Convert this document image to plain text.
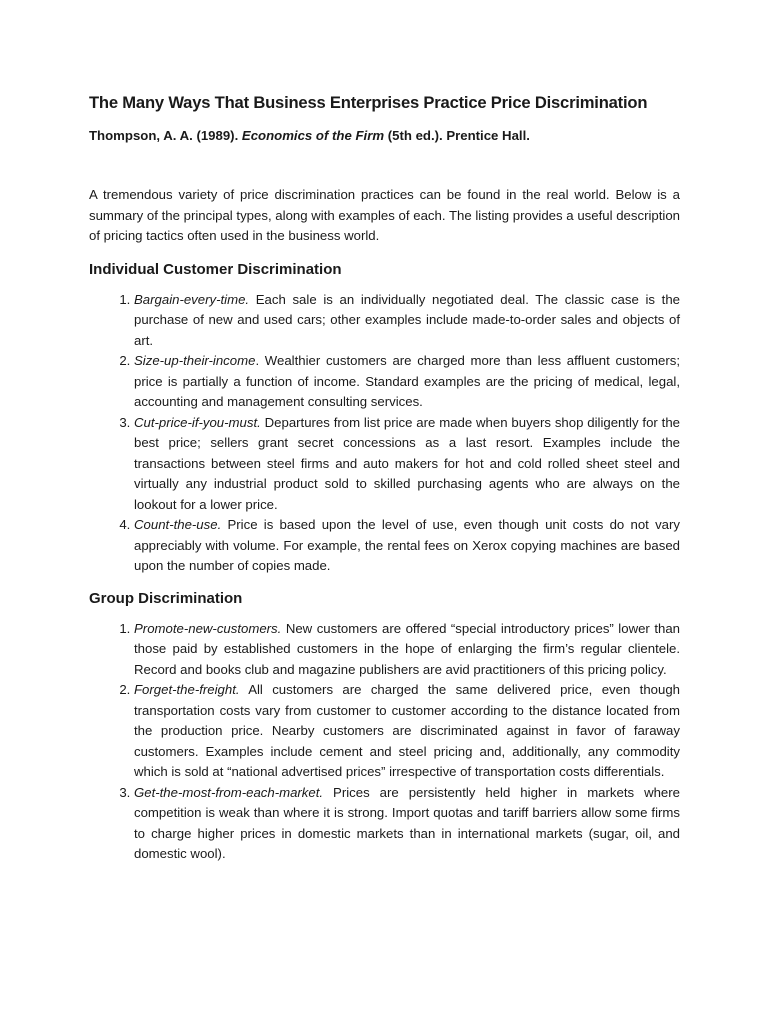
The Many Ways That Business Enterprises Practice Price Discrimination

Thompson, A. A. (1989). Economics of the Firm (5th ed.). Prentice Hall.

A tremendous variety of price discrimination practices can be found in the real world. Below is a summary of the principal types, along with examples of each. The listing provides a useful description of pricing tactics often used in the business world.

Individual Customer Discrimination
1. Bargain-every-time. Each sale is an individually negotiated deal. The classic case is the purchase of new and used cars; other examples include made-to-order sales and objects of art.
2. Size-up-their-income. Wealthier customers are charged more than less affluent customers; price is partially a function of income. Standard examples are the pricing of medical, legal, accounting and management consulting services.
3. Cut-price-if-you-must. Departures from list price are made when buyers shop diligently for the best price; sellers grant secret concessions as a last resort. Examples include the transactions between steel firms and auto makers for hot and cold rolled sheet steel and virtually any industrial product sold to skilled purchasing agents who are always on the lookout for a lower price.
4. Count-the-use. Price is based upon the level of use, even though unit costs do not vary appreciably with volume. For example, the rental fees on Xerox copying machines are based upon the number of copies made.
Group Discrimination
1. Promote-new-customers. New customers are offered “special introductory prices” lower than those paid by established customers in the hope of enlarging the firm’s regular clientele. Record and books club and magazine publishers are avid practitioners of this pricing policy.
2. Forget-the-freight. All customers are charged the same delivered price, even though transportation costs vary from customer to customer according to the distance located from the production price. Nearby customers are discriminated against in favor of faraway customers. Examples include cement and steel pricing and, additionally, any commodity which is sold at “national advertised prices” irrespective of transportation costs differentials.
3. Get-the-most-from-each-market. Prices are persistently held higher in markets where competition is weak than where it is strong. Import quotas and tariff barriers allow some firms to charge higher prices in domestic markets than in international markets (sugar, oil, and domestic wool).
